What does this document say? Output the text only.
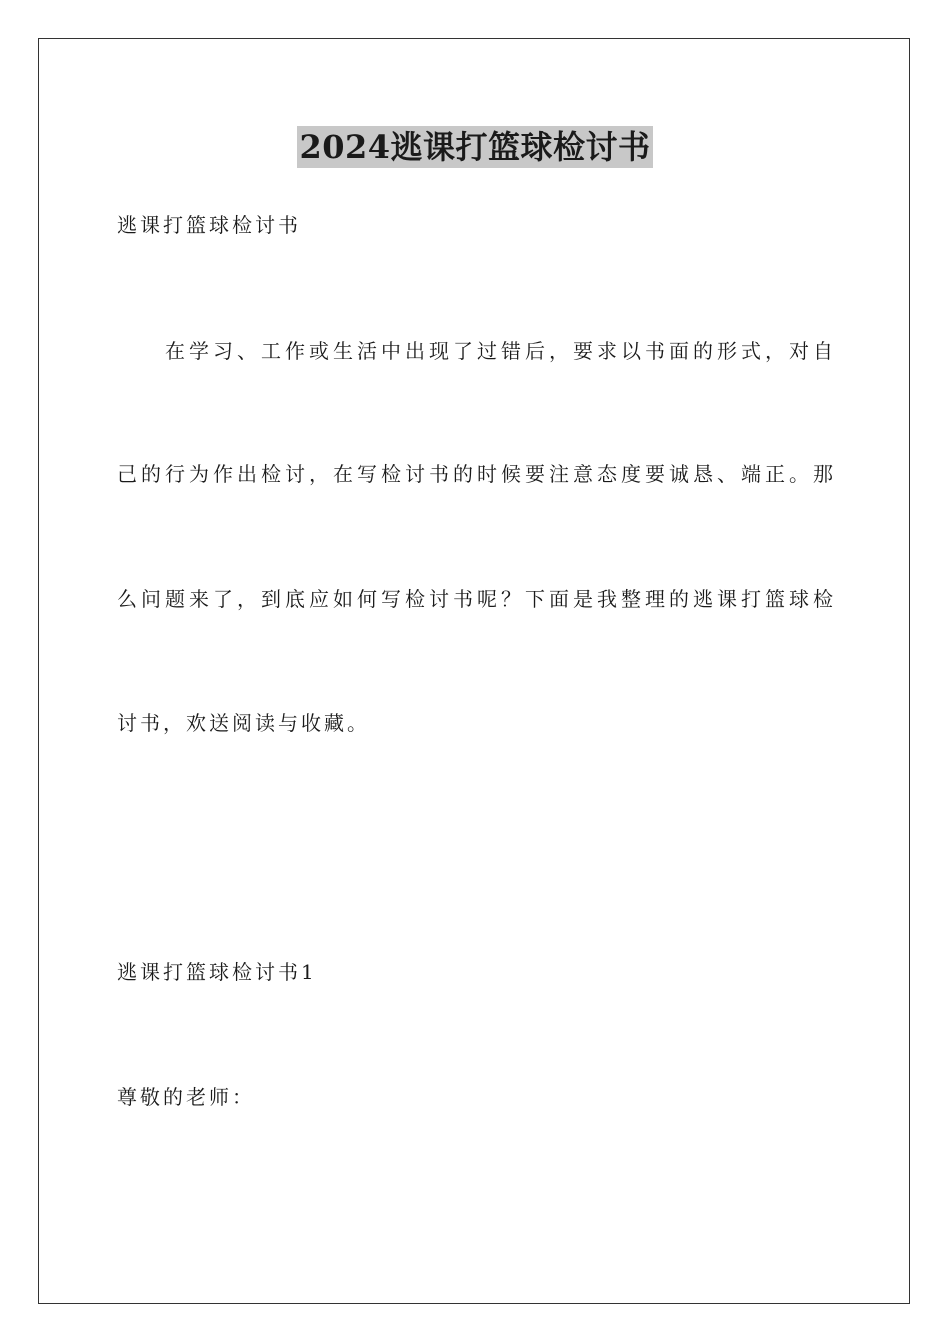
2024逃课打篮球检讨书
逃课打篮球检讨书
在学习、工作或生活中出现了过错后，要求以书面的形式，对自
己的行为作出检讨，在写检讨书的时候要注意态度要诚恳、端正。那
么问题来了，到底应如何写检讨书呢？下面是我整理的逃课打篮球检
讨书，欢送阅读与收藏。
逃课打篮球检讨书1
尊敬的老师：
